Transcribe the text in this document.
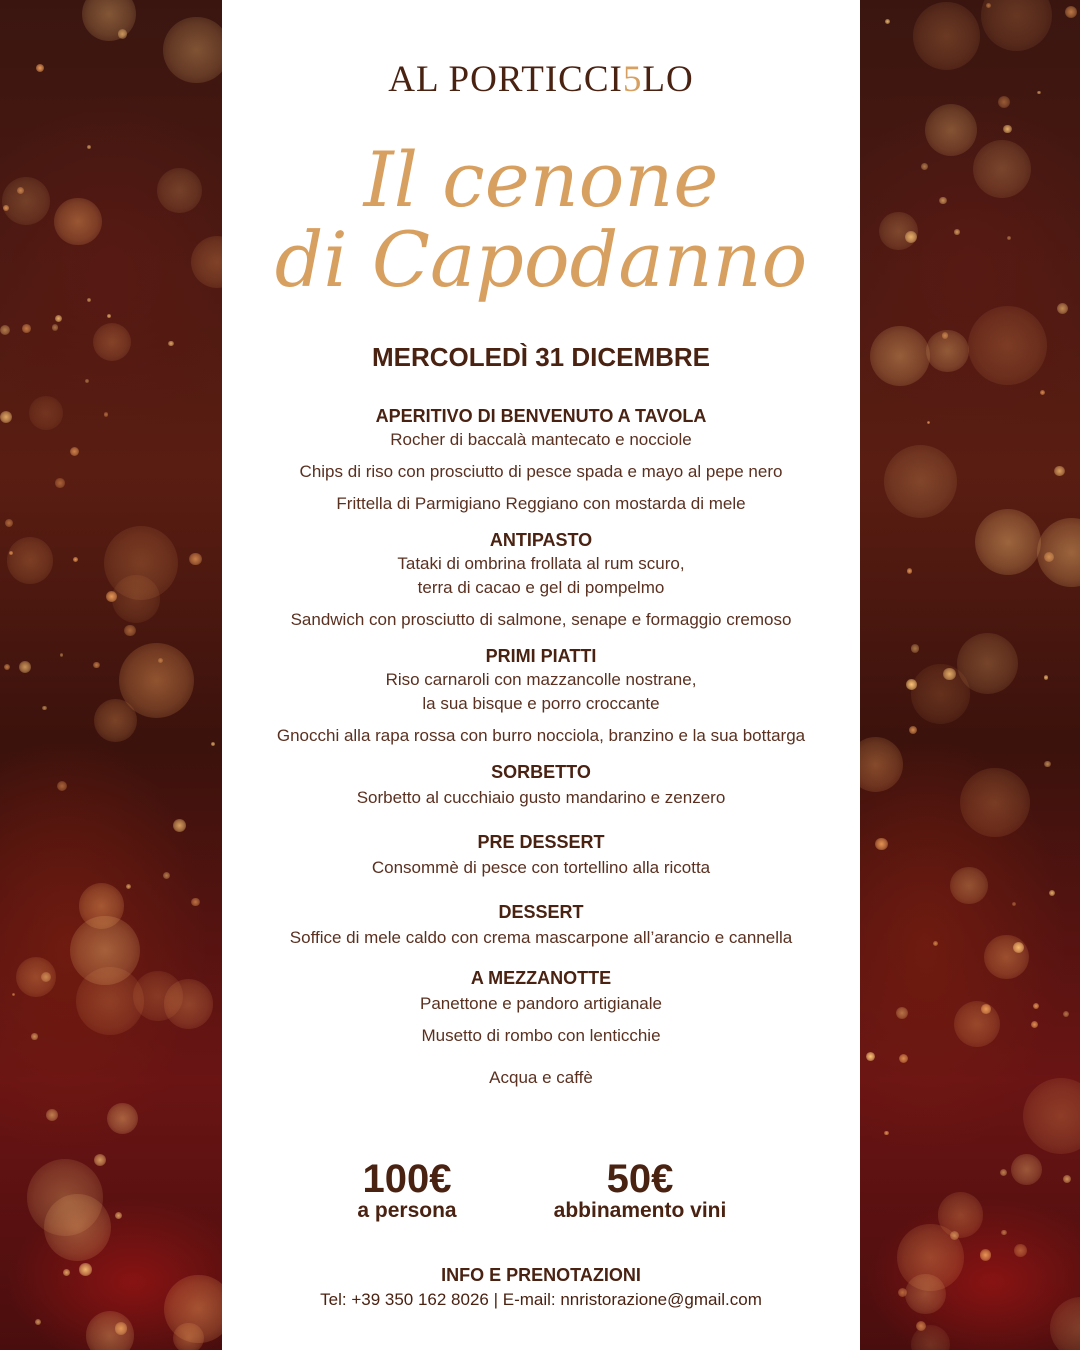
AL PORTICCI5LO
Il cenone
di Capodanno
MERCOLEDÌ 31 DICEMBRE
APERITIVO DI BENVENUTO A TAVOLA
Rocher di baccalà mantecato e nocciole
Chips di riso con prosciutto di pesce spada e mayo al pepe nero
Frittella di Parmigiano Reggiano con mostarda di mele
ANTIPASTO
Tataki di ombrina frollata al rum scuro,
terra di cacao e gel di pompelmo
Sandwich con prosciutto di salmone, senape e formaggio cremoso
PRIMI PIATTI
Riso carnaroli con mazzancolle nostrane,
la sua bisque e porro croccante
Gnocchi alla rapa rossa con burro nocciola, branzino e la sua bottarga
SORBETTO
Sorbetto al cucchiaio gusto mandarino e zenzero
PRE DESSERT
Consommè di pesce con tortellino alla ricotta
DESSERT
Soffice di mele caldo con crema mascarpone all’arancio e cannella
A MEZZANOTTE
Panettone e pandoro artigianale
Musetto di rombo con lenticchie
Acqua e caffè
100€
a persona
50€
abbinamento vini
INFO E PRENOTAZIONI
Tel: +39 350 162 8026 | E-mail: nnristorazione@gmail.com
